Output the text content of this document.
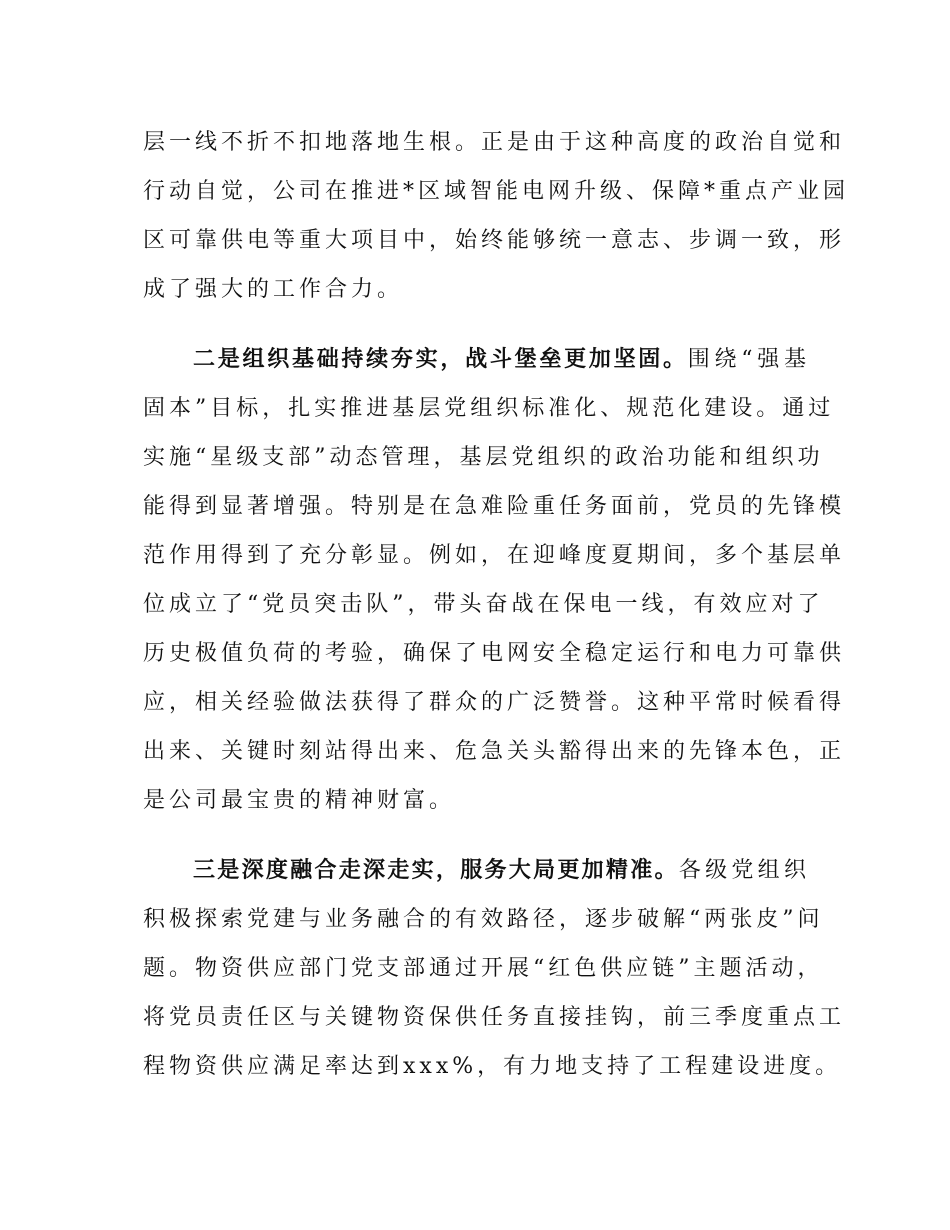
层一线不折不扣地落地生根。正是由于这种高度的政治自觉和
行动自觉，公司在推进*区域智能电网升级、保障*重点产业园
区可靠供电等重大项目中，始终能够统一意志、步调一致，形
成了强大的工作合力。
二是组织基础持续夯实，战斗堡垒更加坚固。围绕“强基
固本”目标，扎实推进基层党组织标准化、规范化建设。通过
实施“星级支部”动态管理，基层党组织的政治功能和组织功
能得到显著增强。特别是在急难险重任务面前，党员的先锋模
范作用得到了充分彰显。例如，在迎峰度夏期间，多个基层单
位成立了“党员突击队”，带头奋战在保电一线，有效应对了
历史极值负荷的考验，确保了电网安全稳定运行和电力可靠供
应，相关经验做法获得了群众的广泛赞誉。这种平常时候看得
出来、关键时刻站得出来、危急关头豁得出来的先锋本色，正
是公司最宝贵的精神财富。
三是深度融合走深走实，服务大局更加精准。各级党组织
积极探索党建与业务融合的有效路径，逐步破解“两张皮”问
题。物资供应部门党支部通过开展“红色供应链”主题活动，
将党员责任区与关键物资保供任务直接挂钩，前三季度重点工
程物资供应满足率达到xxx%，有力地支持了工程建设进度。
